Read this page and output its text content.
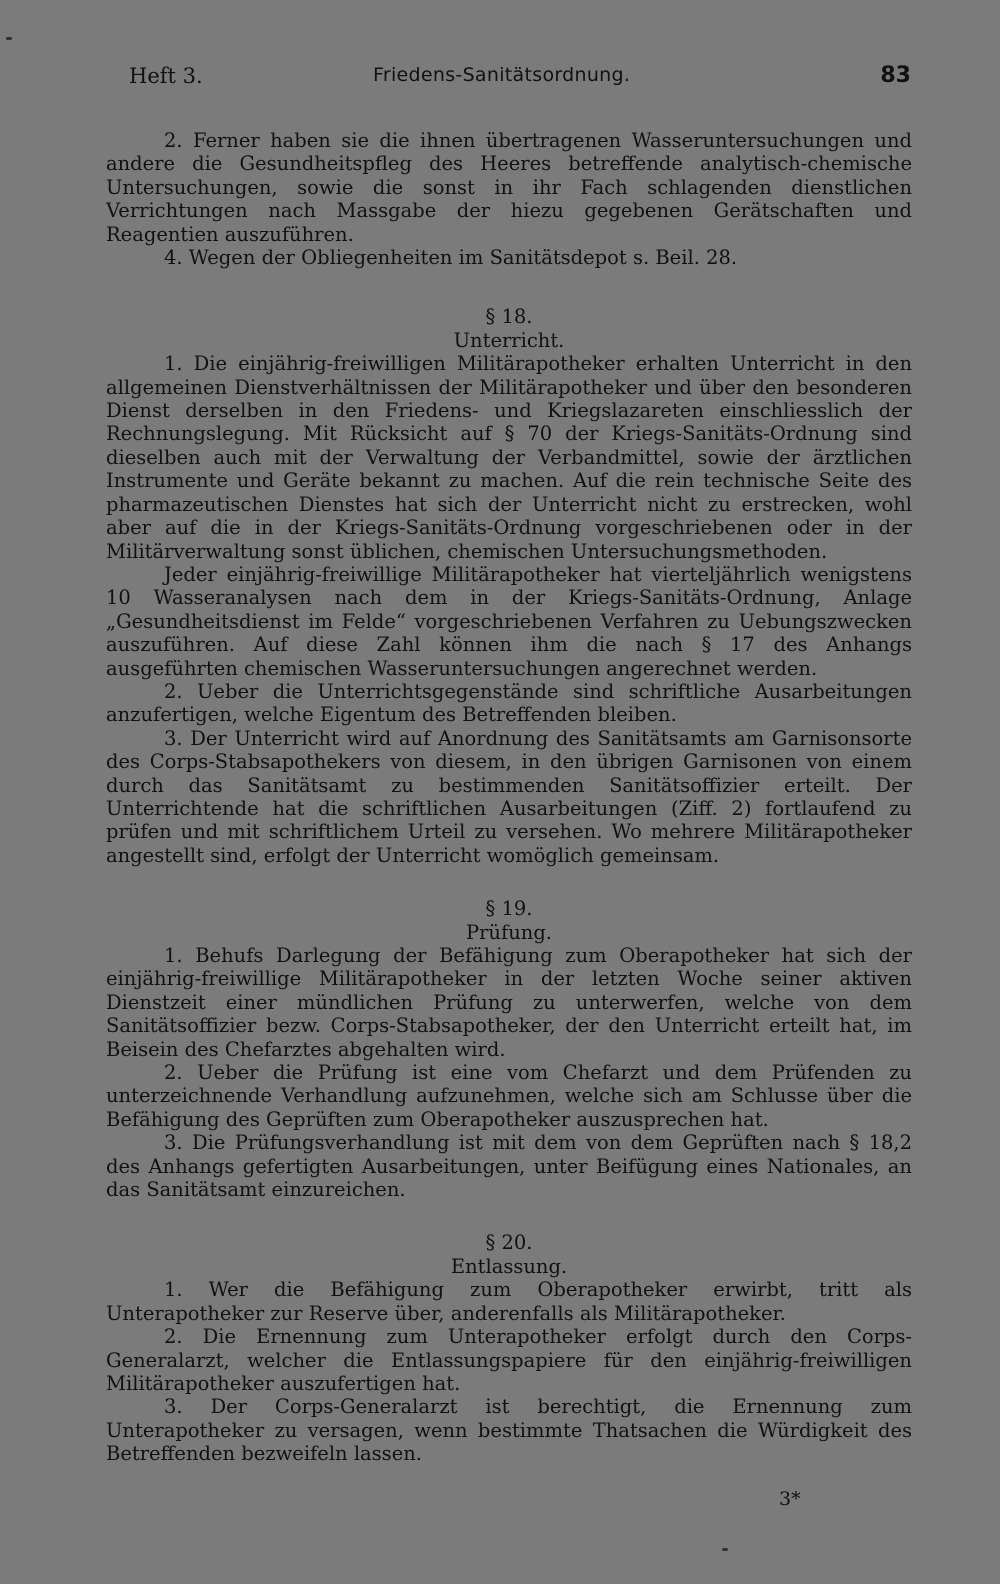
Heft 3.	Friedens-Sanitätsordnung.	83

2. Ferner haben sie die ihnen übertragenen Wasseruntersuchungen und andere die Gesundheitspfleg des Heeres betreffende analytisch-chemische Untersuchungen, sowie die sonst in ihr Fach schlagenden dienstlichen Verrichtungen nach Massgabe der hiezu gegebenen Gerätschaften und Reagentien auszuführen.

4. Wegen der Obliegenheiten im Sanitätsdepot s. Beil. 28.

§ 18.

Unterricht.

1. Die einjährig-freiwilligen Militärapotheker erhalten Unterricht in den allgemeinen Dienstverhältnissen der Militärapotheker und über den besonderen Dienst derselben in den Friedens- und Kriegslazareten einschliesslich der Rechnungslegung. Mit Rücksicht auf § 70 der Kriegs-Sanitäts-Ordnung sind dieselben auch mit der Verwaltung der Verbandmittel, sowie der ärztlichen Instrumente und Geräte bekannt zu machen. Auf die rein technische Seite des pharmazeutischen Dienstes hat sich der Unterricht nicht zu erstrecken, wohl aber auf die in der Kriegs-Sanitäts-Ordnung vorgeschriebenen oder in der Militärverwaltung sonst üblichen, chemischen Untersuchungsmethoden.

Jeder einjährig-freiwillige Militärapotheker hat vierteljährlich wenigstens 10 Wasseranalysen nach dem in der Kriegs-Sanitäts-Ordnung, Anlage „Gesundheitsdienst im Felde“ vorgeschriebenen Verfahren zu Uebungszwecken auszuführen. Auf diese Zahl können ihm die nach § 17 des Anhangs ausgeführten chemischen Wasseruntersuchungen angerechnet werden.

2. Ueber die Unterrichtsgegenstände sind schriftliche Ausarbeitungen anzufertigen, welche Eigentum des Betreffenden bleiben.

3. Der Unterricht wird auf Anordnung des Sanitätsamts am Garnisonsorte des Corps-Stabsapothekers von diesem, in den übrigen Garnisonen von einem durch das Sanitätsamt zu bestimmenden Sanitätsoffizier erteilt. Der Unterrichtende hat die schriftlichen Ausarbeitungen (Ziff. 2) fortlaufend zu prüfen und mit schriftlichem Urteil zu versehen. Wo mehrere Militärapotheker angestellt sind, erfolgt der Unterricht womöglich gemeinsam.

§ 19.

Prüfung.

1. Behufs Darlegung der Befähigung zum Oberapotheker hat sich der einjährig-freiwillige Militärapotheker in der letzten Woche seiner aktiven Dienstzeit einer mündlichen Prüfung zu unterwerfen, welche von dem Sanitätsoffizier bezw. Corps-Stabsapotheker, der den Unterricht erteilt hat, im Beisein des Chefarztes abgehalten wird.

2. Ueber die Prüfung ist eine vom Chefarzt und dem Prüfenden zu unterzeichnende Verhandlung aufzunehmen, welche sich am Schlusse über die Befähigung des Geprüften zum Oberapotheker auszusprechen hat.

3. Die Prüfungsverhandlung ist mit dem von dem Geprüften nach § 18,2 des Anhangs gefertigten Ausarbeitungen, unter Beifügung eines Nationales, an das Sanitätsamt einzureichen.

§ 20.

Entlassung.

1. Wer die Befähigung zum Oberapotheker erwirbt, tritt als Unterapotheker zur Reserve über, anderenfalls als Militärapotheker.

2. Die Ernennung zum Unterapotheker erfolgt durch den Corps-Generalarzt, welcher die Entlassungspapiere für den einjährig-freiwilligen Militärapotheker auszufertigen hat.

3. Der Corps-Generalarzt ist berechtigt, die Ernennung zum Unterapotheker zu versagen, wenn bestimmte Thatsachen die Würdigkeit des Betreffenden bezweifeln lassen.

3*
